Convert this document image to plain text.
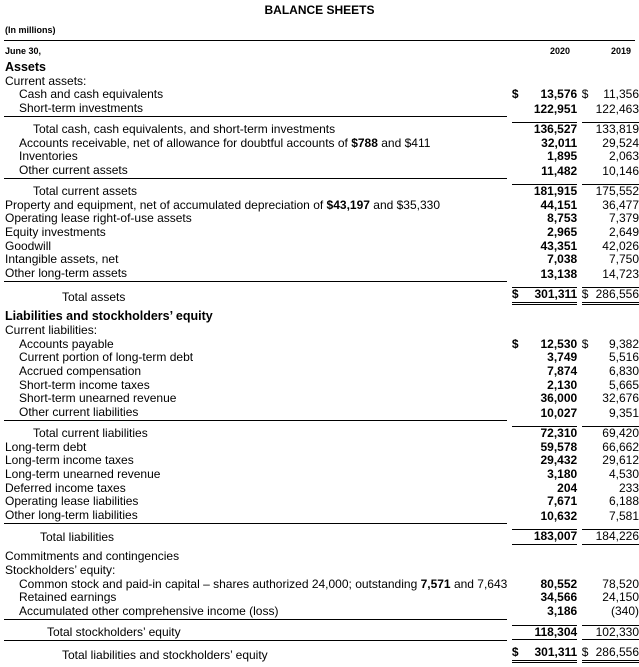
BALANCE SHEETS
(In millions)
June 30,	2020	2019
Assets				
Current assets:				
Cash and cash equivalents		$ 13,576		$ 11,356

Short-term investments		122,951		122,463

Total cash, cash equivalents, and short-term investments		136,527		133,819

Accounts receivable, net of allowance for doubtful accounts of $788 and $411		32,011		29,524

Inventories		1,895		2,063

Other current assets		11,482		10,146

Total current assets		181,915		175,552

Property and equipment, net of accumulated depreciation of $43,197 and $35,330		44,151		36,477

Operating lease right-of-use assets		8,753		7,379

Equity investments		2,965		2,649

Goodwill		43,351		42,026

Intangible assets, net		7,038		7,750

Other long-term assets		13,138		14,723

Total assets		$ 301,311		$ 286,556

Liabilities and stockholders’ equity				
Current liabilities:				
Accounts payable		$ 12,530		$ 9,382

Current portion of long-term debt		3,749		5,516

Accrued compensation		7,874		6,830

Short-term income taxes		2,130		5,665

Short-term unearned revenue		36,000		32,676

Other current liabilities		10,027		9,351

Total current liabilities		72,310		69,420

Long-term debt		59,578		66,662

Long-term income taxes		29,432		29,612

Long-term unearned revenue		3,180		4,530

Deferred income taxes		204		233

Operating lease liabilities		7,671		6,188

Other long-term liabilities		10,632		7,581

Total liabilities		183,007		184,226

Commitments and contingencies				
Stockholders’ equity:				
Common stock and paid-in capital – shares authorized 24,000; outstanding 7,571 and 7,643		80,552		78,520

Retained earnings		34,566		24,150

Accumulated other comprehensive income (loss)		3,186		(340)

Total stockholders’ equity		118,304		102,330

Total liabilities and stockholders’ equity		$ 301,311		$ 286,556
